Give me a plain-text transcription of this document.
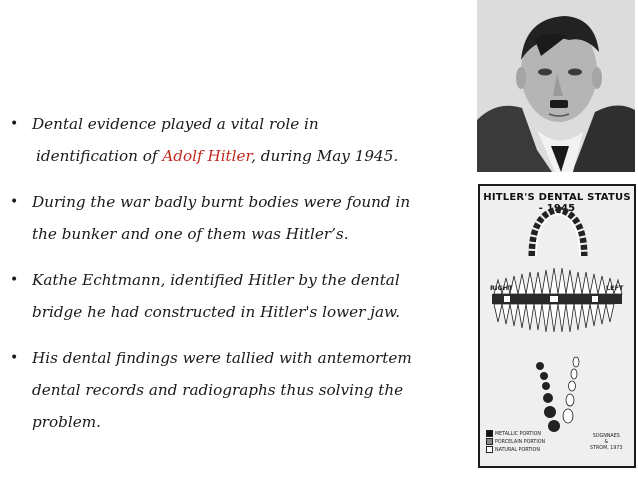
• Dental evidence played a vital role in
identification of Adolf Hitler, during May 1945.
• During the war badly burnt bodies were found in
the bunker and one of them was Hitler’s.
• Kathe Echtmann, identified Hitler by the dental
bridge he had constructed in Hitler's lower jaw.
• His dental findings were tallied with antemortem
dental records and radiographs thus solving the
problem.
HITLER'S DENTAL STATUS - 1945
RIGHT	LEFT
METALLIC PORTION
PORCELAIN PORTION
NATURAL PORTION
SOGNNAES
&
STROM, 1973
